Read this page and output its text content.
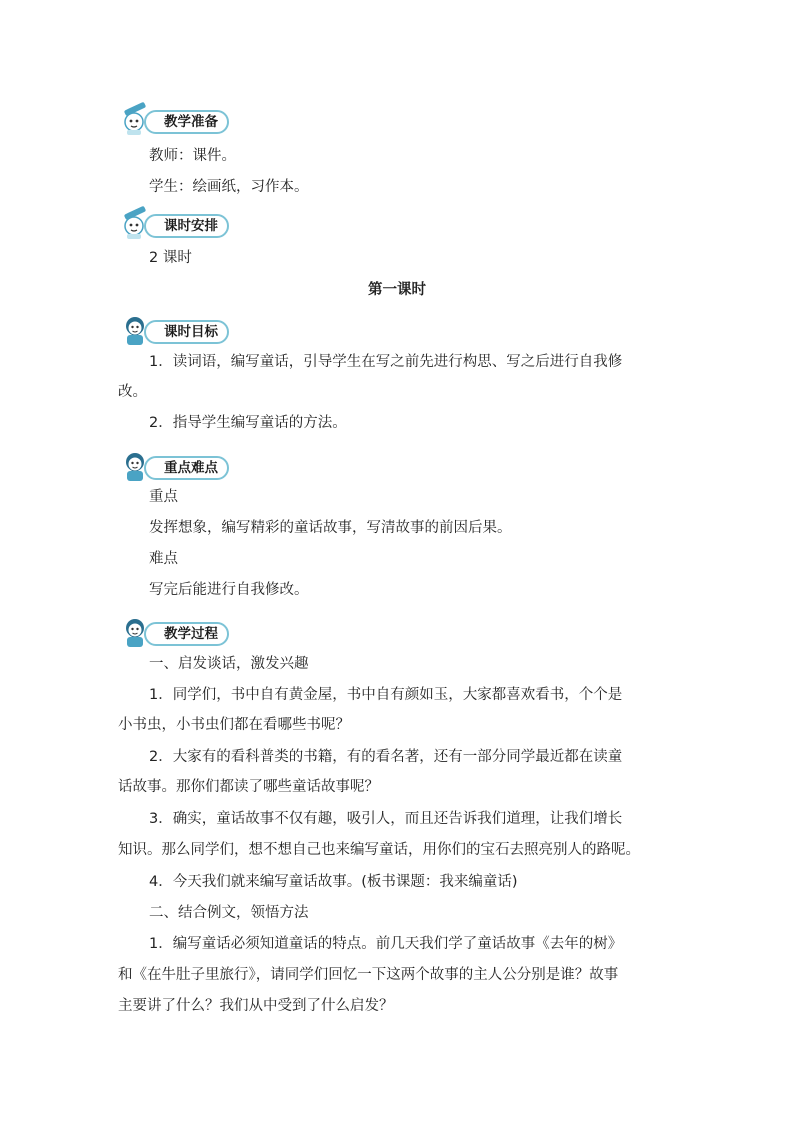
教学准备
教师：课件。
学生：绘画纸，习作本。
课时安排
2 课时
第一课时
课时目标
1．读词语，编写童话，引导学生在写之前先进行构思、写之后进行自我修
改。
2．指导学生编写童话的方法。
重点难点
重点
发挥想象，编写精彩的童话故事，写清故事的前因后果。
难点
写完后能进行自我修改。
教学过程
一、启发谈话，激发兴趣
1．同学们，书中自有黄金屋，书中自有颜如玉，大家都喜欢看书，个个是
小书虫，小书虫们都在看哪些书呢？
2．大家有的看科普类的书籍，有的看名著，还有一部分同学最近都在读童
话故事。那你们都读了哪些童话故事呢？
3．确实，童话故事不仅有趣，吸引人，而且还告诉我们道理，让我们增长
知识。那么同学们，想不想自己也来编写童话，用你们的宝石去照亮别人的路呢。
4．今天我们就来编写童话故事。(板书课题：我来编童话)
二、结合例文，领悟方法
1．编写童话必须知道童话的特点。前几天我们学了童话故事《去年的树》
和《在牛肚子里旅行》，请同学们回忆一下这两个故事的主人公分别是谁？故事
主要讲了什么？我们从中受到了什么启发？
